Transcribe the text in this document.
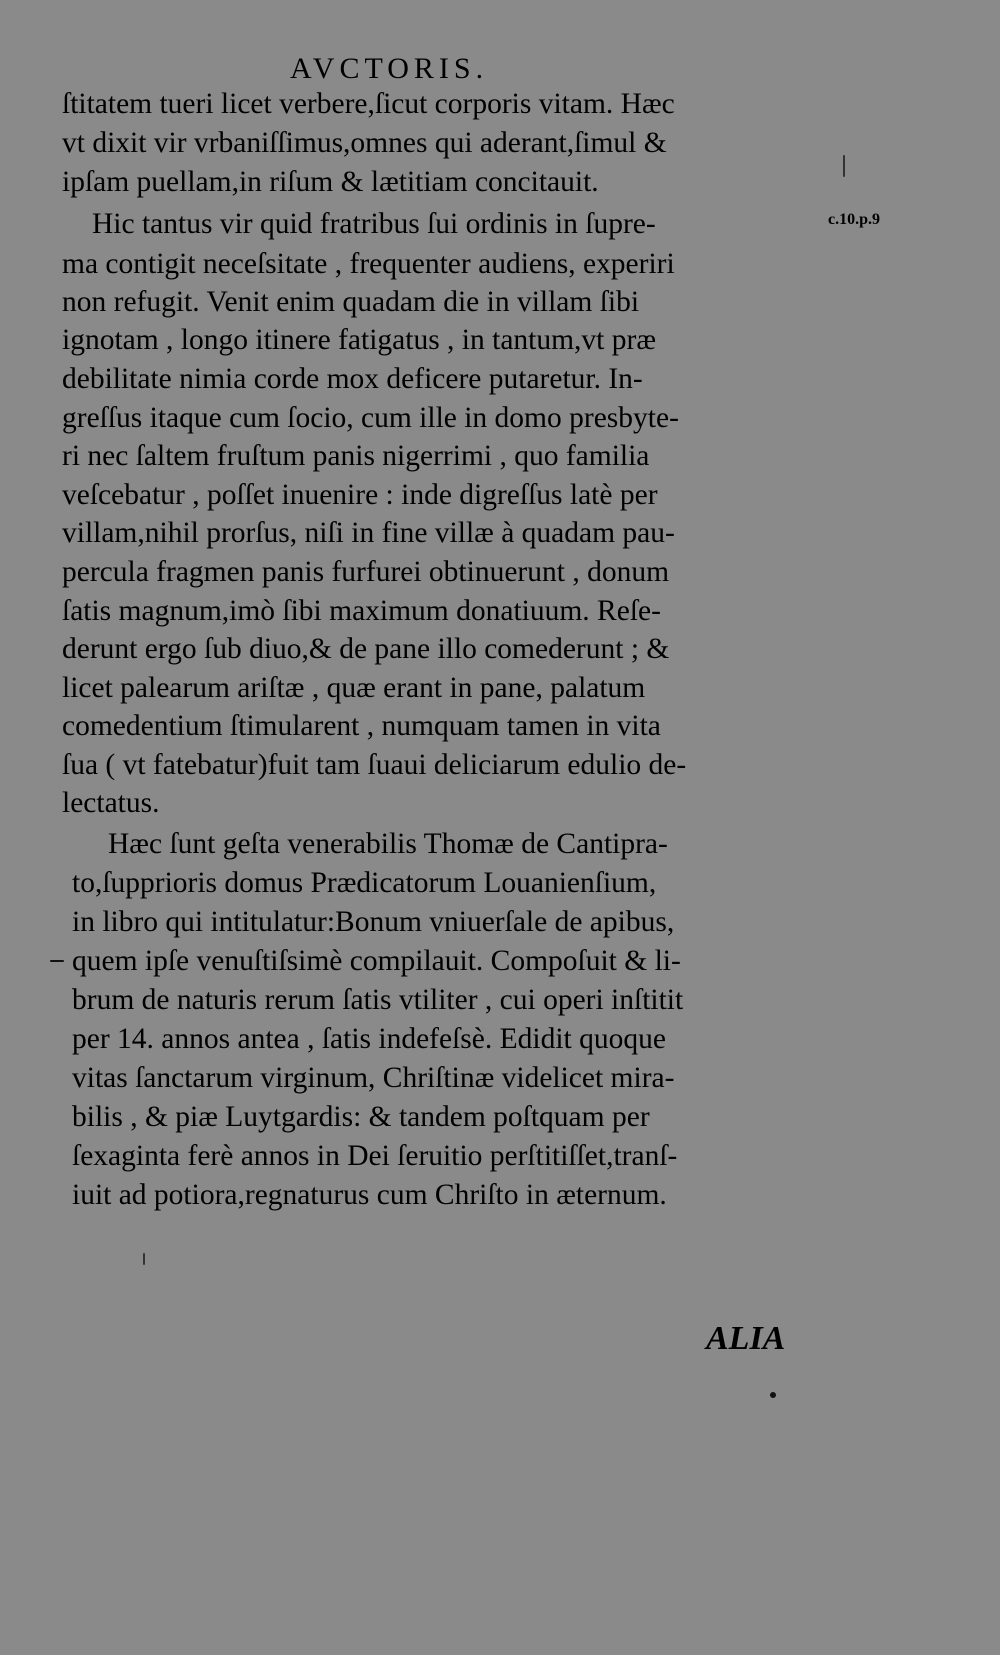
AVCTORIS.
ſtitatem tueri licet verbere,ſicut corporis vitam. Hæc
vt dixit vir vrbaniſſimus,omnes qui aderant,ſimul &
ipſam puellam,in riſum & lætitiam concitauit.
Hic tantus vir quid fratribus ſui ordinis in ſupre-
ma contigit neceſsitate , frequenter audiens, experiri
non refugit. Venit enim quadam die in villam ſibi
ignotam , longo itinere fatigatus , in tantum,vt præ
debilitate nimia corde mox deficere putaretur. In-
greſſus itaque cum ſocio, cum ille in domo presbyte-
ri nec ſaltem fruſtum panis nigerrimi , quo familia
veſcebatur , poſſet inuenire : inde digreſſus latè per
villam,nihil prorſus, niſi in fine villæ à quadam pau-
percula fragmen panis furfurei obtinuerunt , donum
ſatis magnum,imò ſibi maximum donatiuum. Reſe-
derunt ergo ſub diuo,& de pane illo comederunt ; &
licet palearum ariſtæ , quæ erant in pane, palatum
comedentium ſtimularent , numquam tamen in vita
ſua ( vt fatebatur)fuit tam ſuaui deliciarum edulio de-
lectatus.
Hæc ſunt geſta venerabilis Thomæ de Cantipra-
to,ſupprioris domus Prædicatorum Louanienſium,
in libro qui intitulatur:Bonum vniuerſale de apibus,
quem ipſe venuſtiſsimè compilauit. Compoſuit & li-
brum de naturis rerum ſatis vtiliter , cui operi inſtitit
per 14. annos antea , ſatis indefeſsè. Edidit quoque
vitas ſanctarum virginum, Chriſtinæ videlicet mira-
bilis , & piæ Luytgardis: & tandem poſtquam per
ſexaginta ferè annos in Dei ſeruitio perſtitiſſet,tranſ-
iuit ad potiora,regnaturus cum Chriſto in æternum.
c.10.p.9
ALIA
